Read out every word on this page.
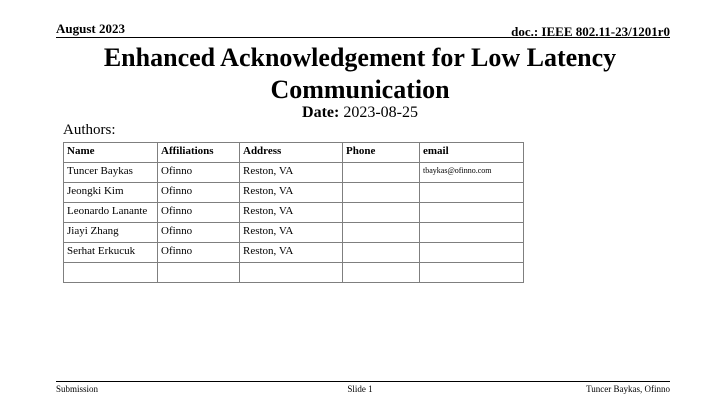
August 2023	doc.: IEEE 802.11-23/1201r0
Enhanced Acknowledgement for Low Latency Communication
Date: 2023-08-25
Authors:
Name	Affiliations	Address	Phone	email
Tuncer Baykas	Ofinno	Reston, VA		tbaykas@ofinno.com
Jeongki Kim	Ofinno	Reston, VA		
Leonardo Lanante	Ofinno	Reston, VA		
Jiayi Zhang	Ofinno	Reston, VA		
Serhat Erkucuk	Ofinno	Reston, VA		

Submission	Slide 1	Tuncer Baykas, Ofinno
